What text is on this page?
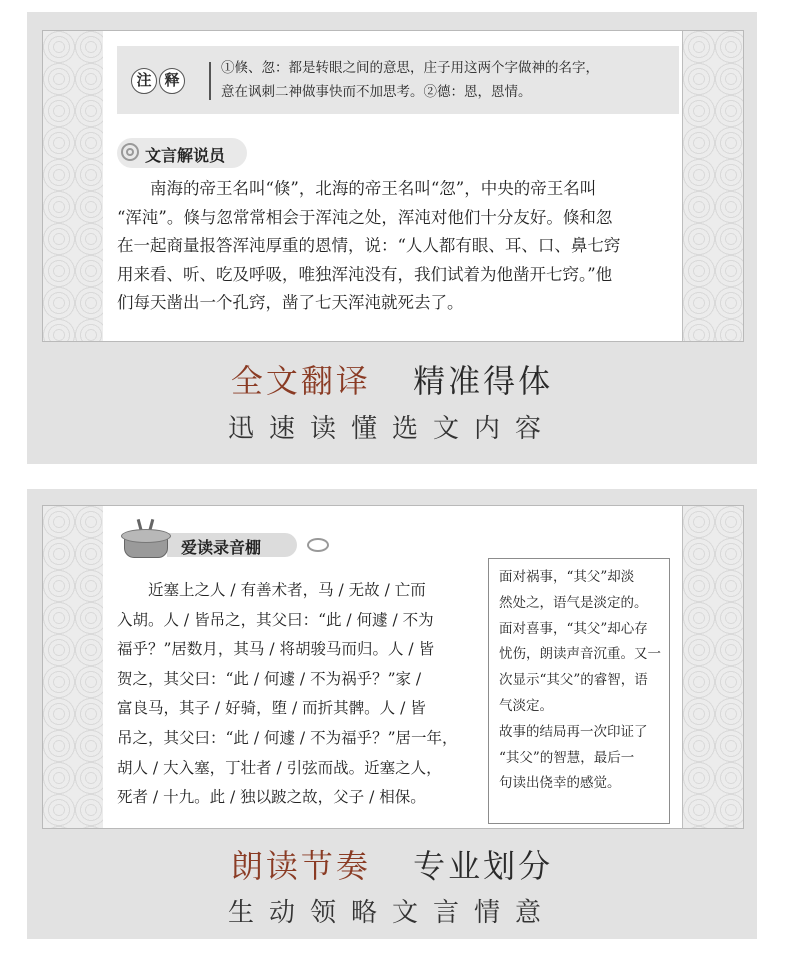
注 释
①倏、忽：都是转眼之间的意思，庄子用这两个字做神的名字，
意在讽刺二神做事快而不加思考。②德：恩，恩情。
文言解说员
　　南海的帝王名叫“倏”，北海的帝王名叫“忽”，中央的帝王名叫
“浑沌”。倏与忽常常相会于浑沌之处，浑沌对他们十分友好。倏和忽
在一起商量报答浑沌厚重的恩情，说：“人人都有眼、耳、口、鼻七窍
用来看、听、吃及呼吸，唯独浑沌没有，我们试着为他凿开七窍。”他
们每天凿出一个孔窍，凿了七天浑沌就死去了。
全文翻译 精准得体
迅速读懂选文内容
爱读录音棚
　　近塞上之人 / 有善术者，马 / 无故 / 亡而
入胡。人 / 皆吊之，其父曰：“此 / 何遽 / 不为
福乎？”居数月，其马 / 将胡骏马而归。人 / 皆
贺之，其父曰：“此 / 何遽 / 不为祸乎？”家 /
富良马，其子 / 好骑，堕 / 而折其髀。人 / 皆
吊之，其父曰：“此 / 何遽 / 不为福乎？”居一年，
胡人 / 大入塞，丁壮者 / 引弦而战。近塞之人，
死者 / 十九。此 / 独以跛之故，父子 / 相保。
面对祸事，“其父”却淡
然处之，语气是淡定的。
面对喜事，“其父”却心存
忧伤，朗读声音沉重。又一
次显示“其父”的睿智，语
气淡定。
故事的结局再一次印证了
“其父”的智慧，最后一
句读出侥幸的感觉。
朗读节奏 专业划分
生动领略文言情意
